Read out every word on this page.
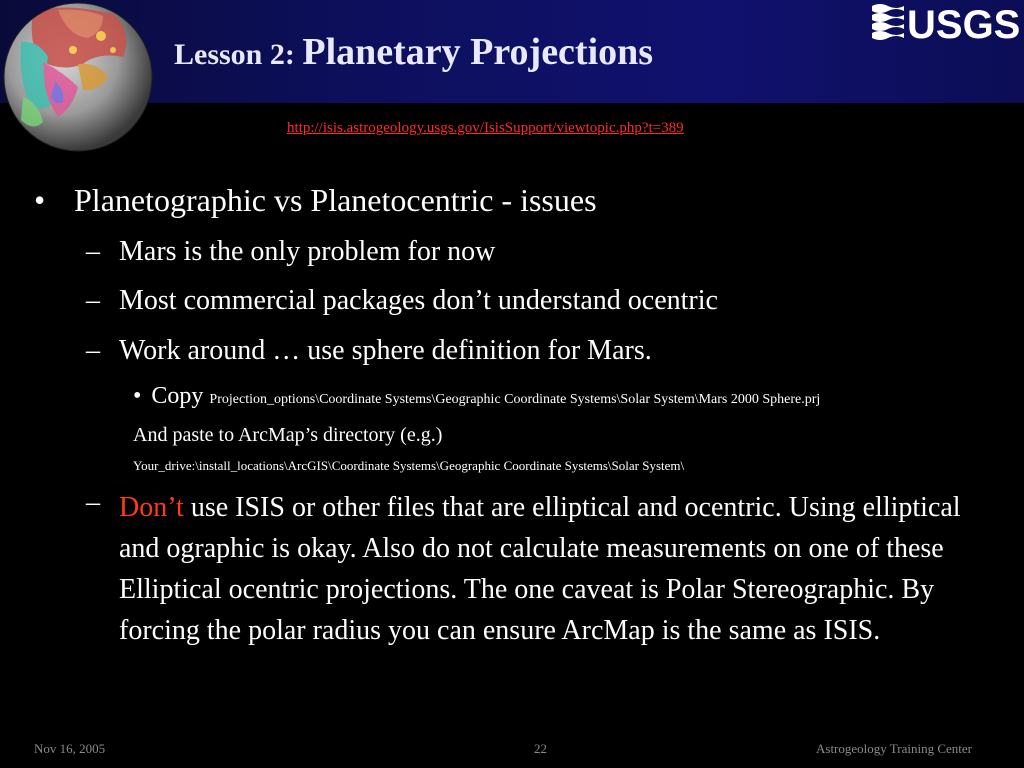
Lesson 2: Planetary Projections
USGS
http://isis.astrogeology.usgs.gov/IsisSupport/viewtopic.php?t=389
• Planetographic vs Planetocentric - issues
– Mars is the only problem for now
– Most commercial packages don’t understand ocentric
– Work around … use sphere definition for Mars.
• Copy Projection_options\Coordinate Systems\Geographic Coordinate Systems\Solar System\Mars 2000 Sphere.prj
And paste to ArcMap’s directory (e.g.)
Your_drive:\install_locations\ArcGIS\Coordinate Systems\Geographic Coordinate Systems\Solar System\
– Don’t use ISIS or other files that are elliptical and ocentric. Using elliptical and ographic is okay. Also do not calculate measurements on one of these Elliptical ocentric projections. The one caveat is Polar Stereographic. By forcing the polar radius you can ensure ArcMap is the same as ISIS.
Nov 16, 2005	22	Astrogeology Training Center
